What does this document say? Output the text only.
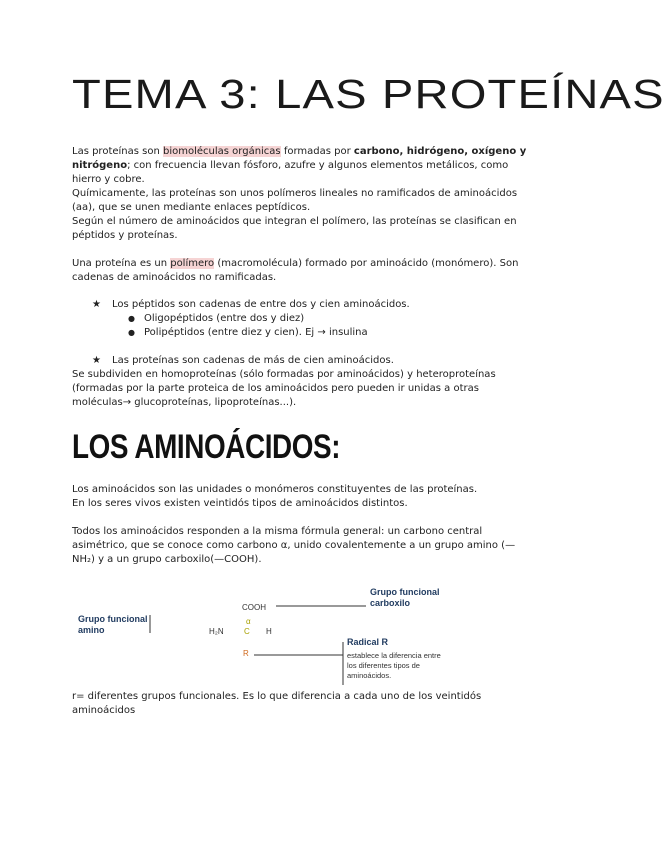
TEMA 3: LAS PROTEÍNAS

Las proteínas son biomoléculas orgánicas formadas por carbono, hidrógeno, oxígeno y nitrógeno; con frecuencia llevan fósforo, azufre y algunos elementos metálicos, como hierro y cobre.

Químicamente, las proteínas son unos polímeros lineales no ramificados de aminoácidos (aa), que se unen mediante enlaces peptídicos.

Según el número de aminoácidos que integran el polímero, las proteínas se clasifican en péptidos y proteínas.

Una proteína es un polímero (macromolécula) formado por aminoácido (monómero). Son cadenas de aminoácidos no ramificadas.

★ Los péptidos son cadenas de entre dos y cien aminoácidos.
● Oligopéptidos (entre dos y diez)
● Polipéptidos (entre diez y cien). Ej → insulina
★ Las proteínas son cadenas de más de cien aminoácidos.

Se subdividen en homoproteínas (sólo formadas por aminoácidos) y heteroproteínas (formadas por la parte proteica de los aminoácidos pero pueden ir unidas a otras moléculas→ glucoproteínas, lipoproteínas...).

LOS AMINOÁCIDOS:

Los aminoácidos son las unidades o monómeros constituyentes de las proteínas.

En los seres vivos existen veintidós tipos de aminoácidos distintos.

Todos los aminoácidos responden a la misma fórmula general: un carbono central asimétrico, que se conoce como carbono α, unido covalentemente a un grupo amino (—NH₂) y a un grupo carboxilo(—COOH).

Grupo funcional amino
Grupo funcional carboxilo
Radical R
establece la diferencia entre los diferentes tipos de aminoácidos.
COOH
α
H₂N	C H
R

r= diferentes grupos funcionales. Es lo que diferencia a cada uno de los veintidós aminoácidos
